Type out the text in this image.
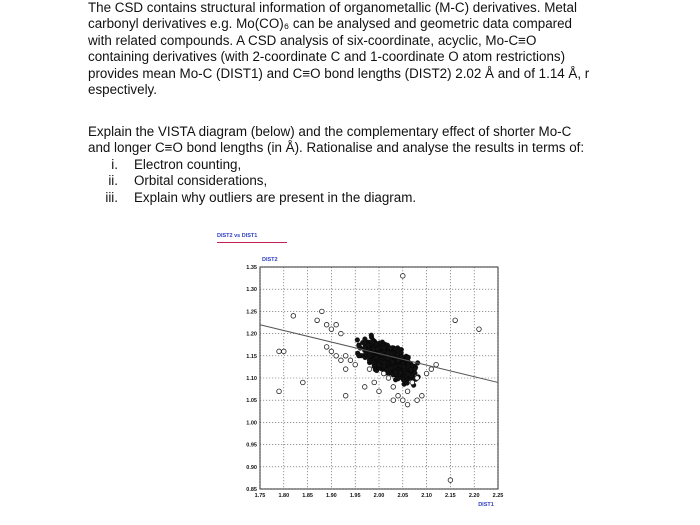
The CSD contains structural information of organometallic (M-C) derivatives. Metal
carbonyl derivatives e.g. Mo(CO)₆ can be analysed and geometric data compared
with related compounds. A CSD analysis of six-coordinate, acyclic, Mo-C≡O
containing derivatives (with 2-coordinate C and 1-coordinate O atom restrictions)
provides mean Mo-C (DIST1) and C≡O bond lengths (DIST2) 2.02 Å and of 1.14 Å, r
espectively.
Explain the VISTA diagram (below) and the complementary effect of shorter Mo-C
and longer C≡O bond lengths (in Å). Rationalise and analyse the results in terms of:
i. Electron counting,
ii. Orbital considerations,
iii. Explain why outliers are present in the diagram.
DIST2 vs DIST1
1.75 1.80 1.85 1.90 1.95 2.00 2.05 2.10 2.15 2.20 2.25
0.85
0.90
0.95
1.00
1.05
1.10
1.15
1.20
1.25
1.30
1.35
DIST2
DIST1
